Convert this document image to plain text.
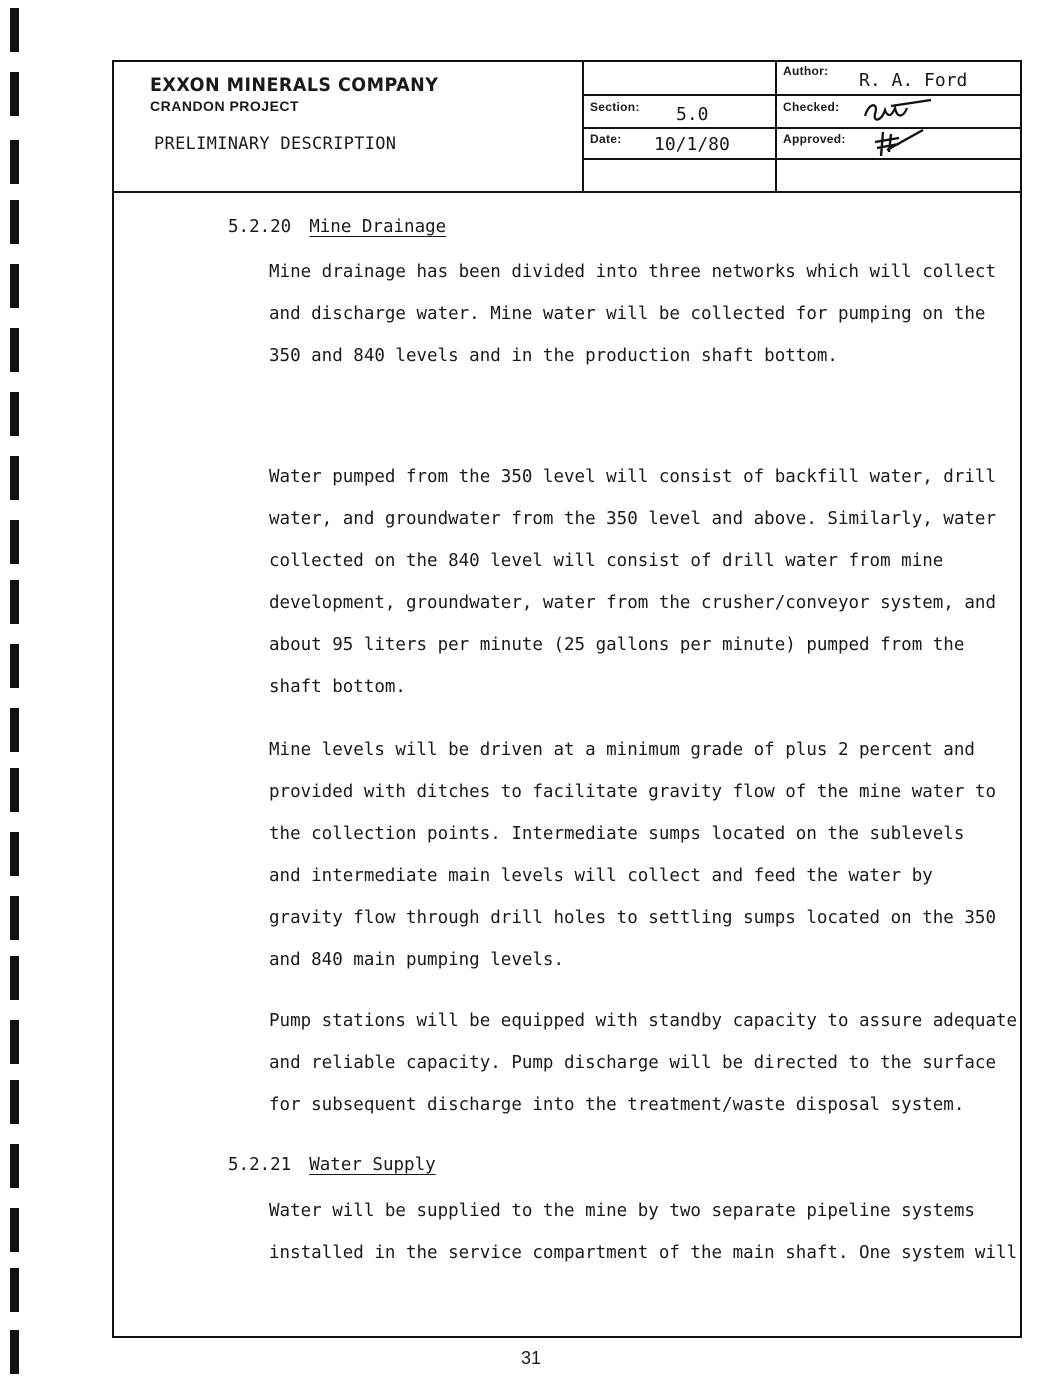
EXXON MINERALS COMPANY
CRANDON PROJECT
PRELIMINARY DESCRIPTION
Section: 5.0
Date: 10/1/80
Author: R. A. Ford
Checked:
Approved:
5.2.20 Mine Drainage
Mine drainage has been divided into three networks which will collect
and discharge water. Mine water will be collected for pumping on the
350 and 840 levels and in the production shaft bottom.
Water pumped from the 350 level will consist of backfill water, drill
water, and groundwater from the 350 level and above. Similarly, water
collected on the 840 level will consist of drill water from mine
development, groundwater, water from the crusher/conveyor system, and
about 95 liters per minute (25 gallons per minute) pumped from the
shaft bottom.
Mine levels will be driven at a minimum grade of plus 2 percent and
provided with ditches to facilitate gravity flow of the mine water to
the collection points. Intermediate sumps located on the sublevels
and intermediate main levels will collect and feed the water by
gravity flow through drill holes to settling sumps located on the 350
and 840 main pumping levels.
Pump stations will be equipped with standby capacity to assure adequate
and reliable capacity. Pump discharge will be directed to the surface
for subsequent discharge into the treatment/waste disposal system.
5.2.21 Water Supply
Water will be supplied to the mine by two separate pipeline systems
installed in the service compartment of the main shaft. One system will
31
